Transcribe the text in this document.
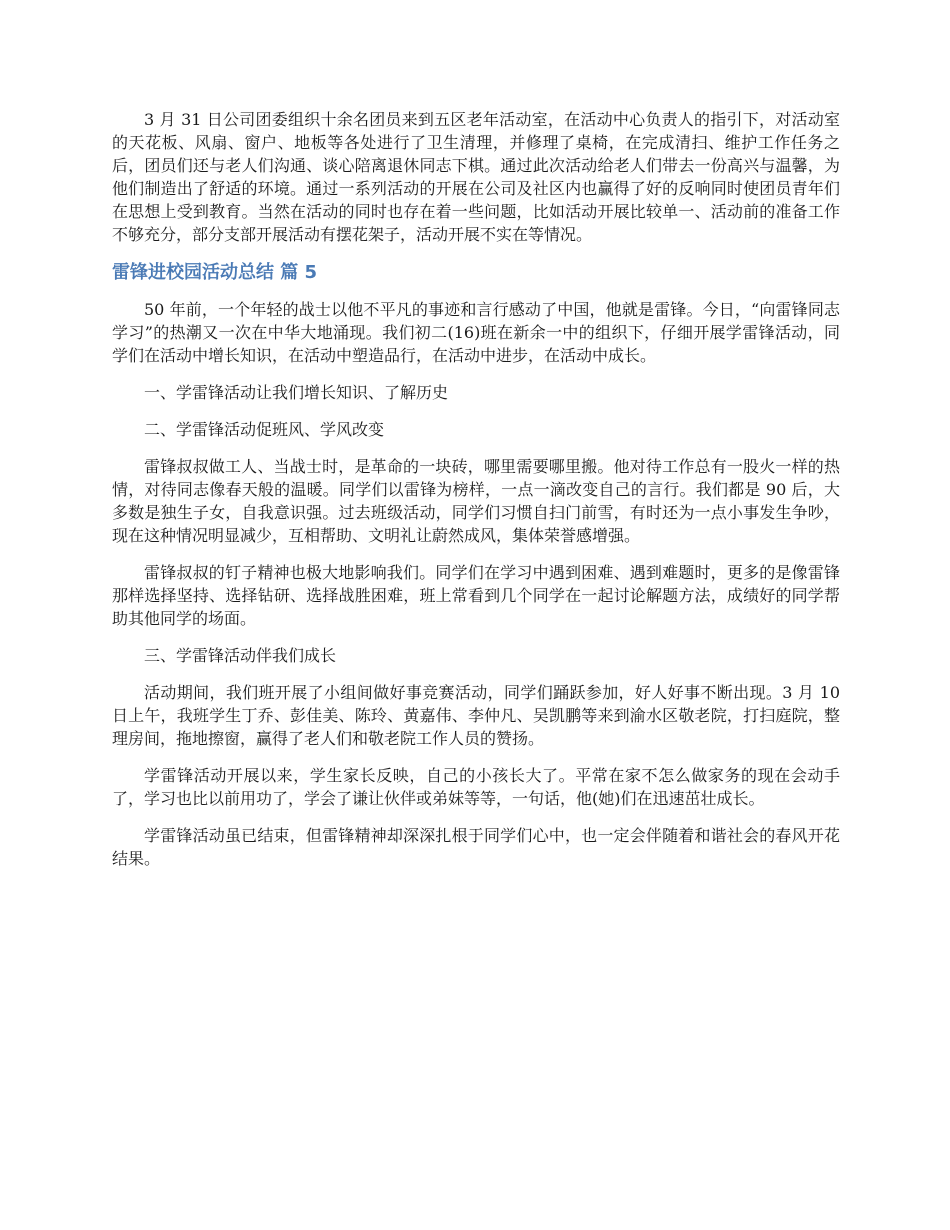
3 月 31 日公司团委组织十余名团员来到五区老年活动室，在活动中心负责人的指引下，对活动室的天花板、风扇、窗户、地板等各处进行了卫生清理，并修理了桌椅，在完成清扫、维护工作任务之后，团员们还与老人们沟通、谈心陪离退休同志下棋。通过此次活动给老人们带去一份高兴与温馨，为他们制造出了舒适的环境。通过一系列活动的开展在公司及社区内也赢得了好的反响同时使团员青年们在思想上受到教育。当然在活动的同时也存在着一些问题，比如活动开展比较单一、活动前的准备工作不够充分，部分支部开展活动有摆花架子，活动开展不实在等情况。

雷锋进校园活动总结 篇 5

50 年前，一个年轻的战士以他不平凡的事迹和言行感动了中国，他就是雷锋。今日，“向雷锋同志学习”的热潮又一次在中华大地涌现。我们初二(16)班在新余一中的组织下，仔细开展学雷锋活动，同学们在活动中增长知识，在活动中塑造品行，在活动中进步，在活动中成长。

一、学雷锋活动让我们增长知识、了解历史

二、学雷锋活动促班风、学风改变

雷锋叔叔做工人、当战士时，是革命的一块砖，哪里需要哪里搬。他对待工作总有一股火一样的热情，对待同志像春天般的温暖。同学们以雷锋为榜样，一点一滴改变自己的言行。我们都是 90 后，大多数是独生子女，自我意识强。过去班级活动，同学们习惯自扫门前雪，有时还为一点小事发生争吵，现在这种情况明显减少，互相帮助、文明礼让蔚然成风，集体荣誉感增强。

雷锋叔叔的钉子精神也极大地影响我们。同学们在学习中遇到困难、遇到难题时，更多的是像雷锋那样选择坚持、选择钻研、选择战胜困难，班上常看到几个同学在一起讨论解题方法，成绩好的同学帮助其他同学的场面。

三、学雷锋活动伴我们成长

活动期间，我们班开展了小组间做好事竞赛活动，同学们踊跃参加，好人好事不断出现。3 月 10 日上午，我班学生丁乔、彭佳美、陈玲、黄嘉伟、李仲凡、吴凯鹏等来到渝水区敬老院，打扫庭院，整理房间，拖地擦窗，赢得了老人们和敬老院工作人员的赞扬。

学雷锋活动开展以来，学生家长反映，自己的小孩长大了。平常在家不怎么做家务的现在会动手了，学习也比以前用功了，学会了谦让伙伴或弟妹等等，一句话，他(她)们在迅速茁壮成长。

学雷锋活动虽已结束，但雷锋精神却深深扎根于同学们心中，也一定会伴随着和谐社会的春风开花结果。
